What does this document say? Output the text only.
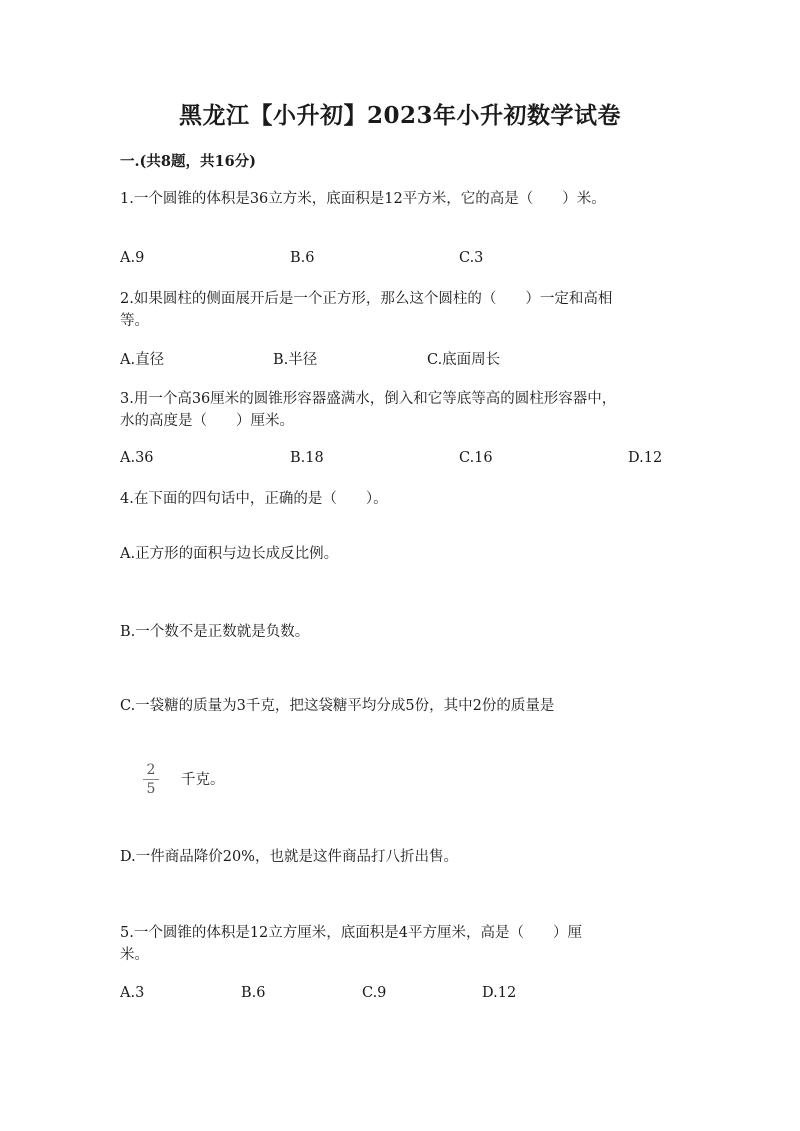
黑龙江【小升初】2023年小升初数学试卷
一.(共8题，共16分)
1.一个圆锥的体积是36立方米，底面积是12平方米，它的高是（　　）米。
A.9	B.6	C.3
2.如果圆柱的侧面展开后是一个正方形，那么这个圆柱的（　　）一定和高相
等。
A.直径	B.半径	C.底面周长
3.用一个高36厘米的圆锥形容器盛满水，倒入和它等底等高的圆柱形容器中，
水的高度是（　　）厘米。
A.36	B.18	C.16	D.12
4.在下面的四句话中，正确的是（　　）。
A.正方形的面积与边长成反比例。
B.一个数不是正数就是负数。
C.一袋糖的质量为3千克，把这袋糖平均分成5份，其中2份的质量是
2
5
千克。
D.一件商品降价20%，也就是这件商品打八折出售。
5.一个圆锥的体积是12立方厘米，底面积是4平方厘米，高是（　　）厘
米。
A.3	B.6	C.9	D.12
